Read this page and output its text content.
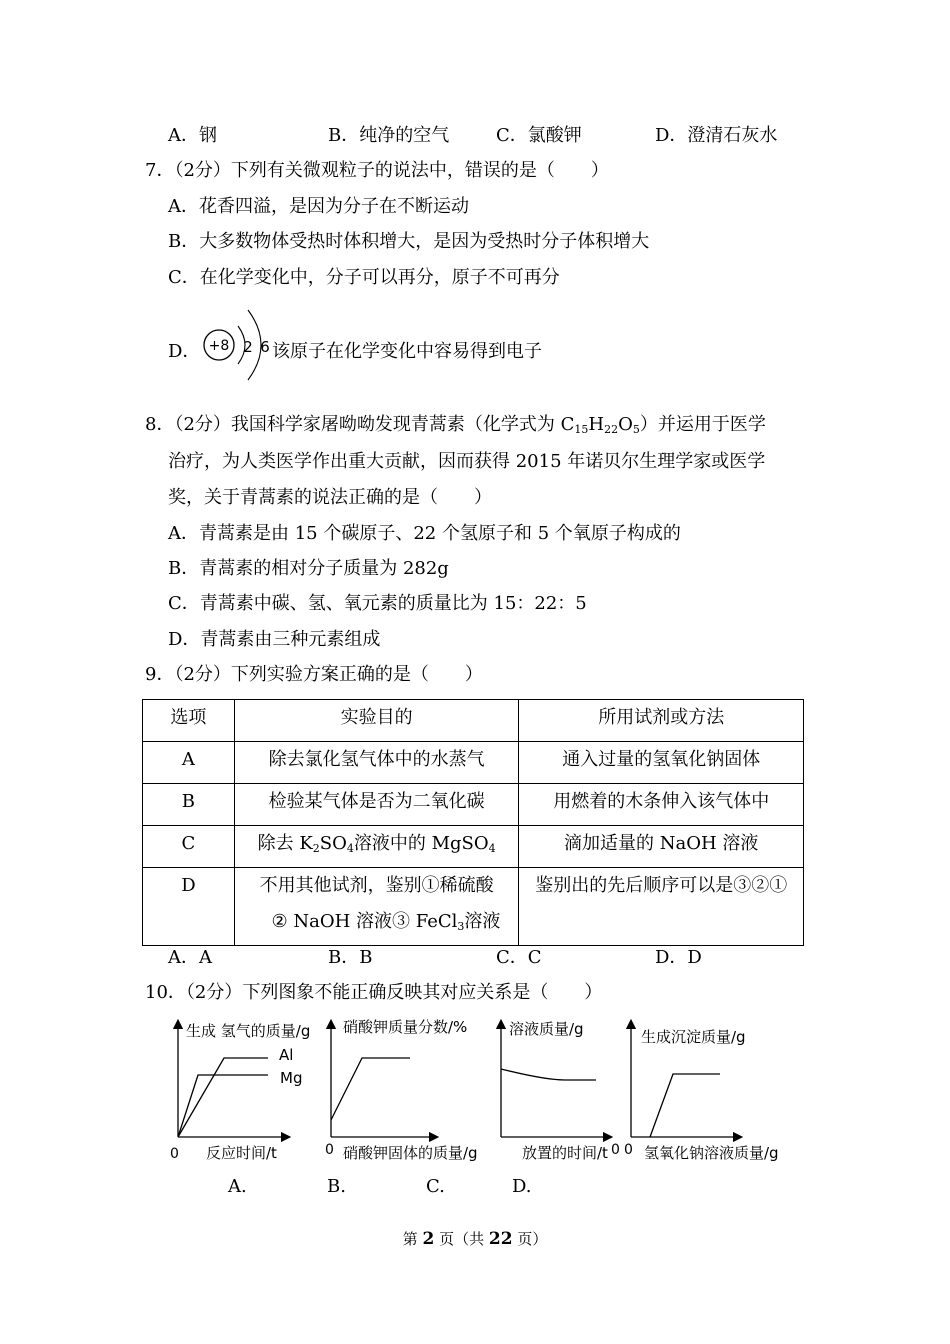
A．钢	B．纯净的空气	C．氯酸钾	D．澄清石灰水
7．（2分）下列有关微观粒子的说法中，错误的是（　　）
A．花香四溢，是因为分子在不断运动
B．大多数物体受热时体积增大，是因为受热时分子体积增大
C．在化学变化中，分子可以再分，原子不可再分
D． +8 2 6 该原子在化学变化中容易得到电子
8．（2分）我国科学家屠呦呦发现青蒿素（化学式为 $C_{15}H_{22}O_5$）并运用于医学
治疗，为人类医学作出重大贡献，因而获得 2015 年诺贝尔生理学家或医学
奖，关于青蒿素的说法正确的是（　　）
A．青蒿素是由 15 个碳原子、22 个氢原子和 5 个氧原子构成的
B．青蒿素的相对分子质量为 282g
C．青蒿素中碳、氢、氧元素的质量比为 15：22：5
D．青蒿素由三种元素组成
9．（2分）下列实验方案正确的是（　　）
选项	实验目的	所用试剂或方法

A	除去氯化氢气体中的水蒸气	通入过量的氢氧化钠固体

B	检验某气体是否为二氧化碳	用燃着的木条伸入该气体中

C	除去 $K_2SO_4$溶液中的 MgSO$_4$	滴加适量的 NaOH 溶液

D	不用其他试剂，鉴别①稀硫酸
② NaOH 溶液③ FeCl$_3$溶液	鉴别出的先后顺序可以是③②①
A．A	B．B	C．C	D．D
10．（2分）下列图象不能正确反映其对应关系是（　　）
Al
Mg
生成 氢气的质量/g
0 反应时间/t
硝酸钾质量分数/%
0 硝酸钾固体的质量/g
溶液质量/g
放置的时间/t 0
生成沉淀质量/g
0 氢氧化钠溶液质量/g
A.	B.	C.	D.
第 2 页（共 22 页）
